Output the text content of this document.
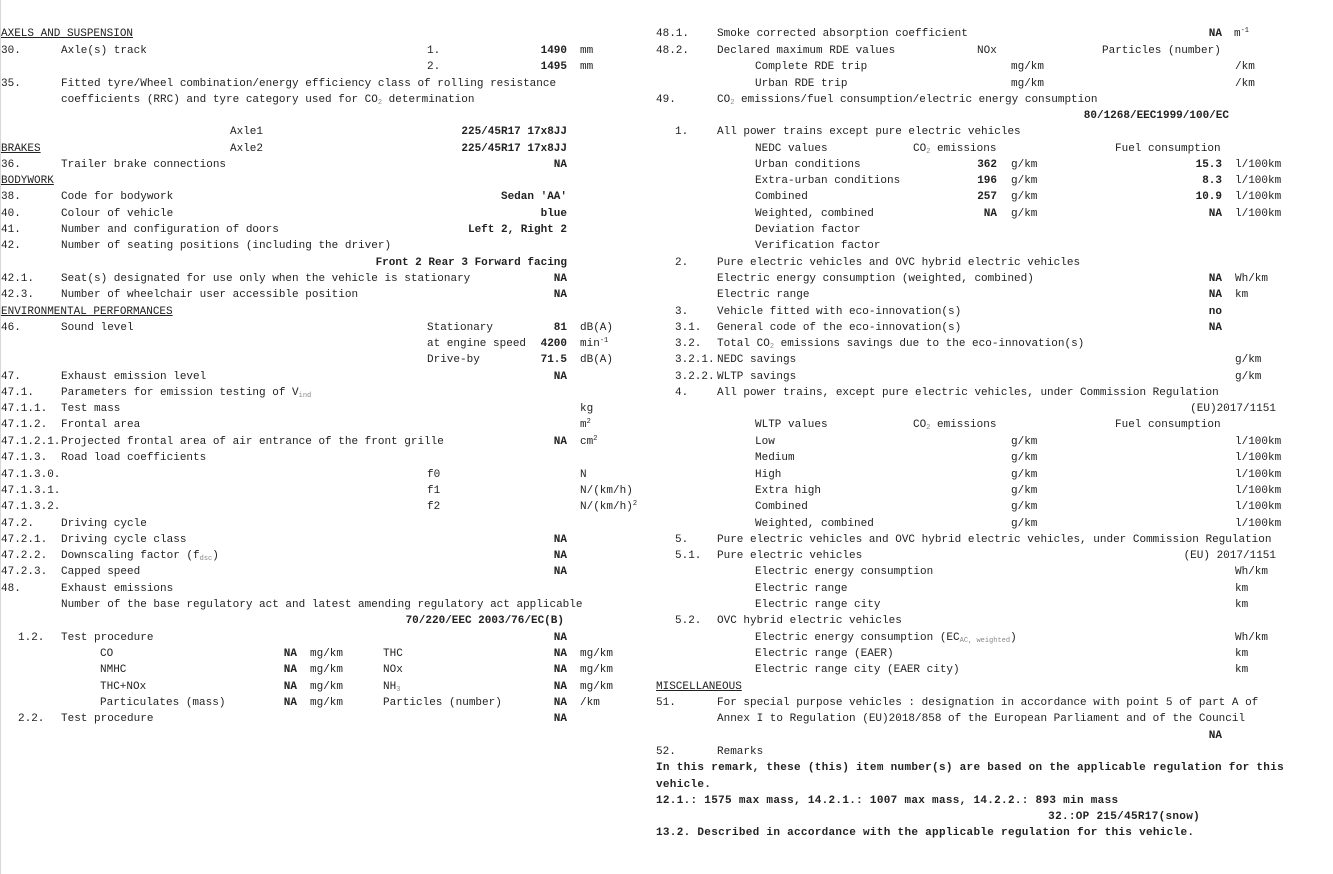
AXELS AND SUSPENSION
30.	Axle(s) track	1.	1490 mm
2.	1495 mm
35.	Fitted tyre/Wheel combination/energy efficiency class of rolling resistance
coefficients (RRC) and tyre category used for $CO_2$ determination
Axle1	225/45R17 17x8JJ
Axle2	225/45R17 17x8JJ
BRAKES
36.	Trailer brake connections	NA
BODYWORK
38.	Code for bodywork	Sedan 'AA'
40.	Colour of vehicle	blue
41.	Number and configuration of doors	Left 2, Right 2
42.	Number of seating positions (including the driver)
Front 2 Rear 3 Forward facing
42.1. Seat(s) designated for use only when the vehicle is stationary	NA
42.3. Number of wheelchair user accessible position	NA
ENVIRONMENTAL PERFORMANCES
46.	Sound level	Stationary	81 dB(A)
at engine speed	4200 $\min^{-1}$
Drive-by	71.5 dB(A)
47.	Exhaust emission level	NA
47.1. Parameters for emission testing of $V_{ind}$
47.1.1. Test mass	kg
47.1.2. Frontal area	$m^2$
47.1.2.1. Projected frontal area of air entrance of the front grille	NA $cm^2$
47.1.3. Road load coefficients
47.1.3.0.	f0	N
47.1.3.1.	f1	N/(km/h)
47.1.3.2.	f2	$N/(km/h)^2$
47.2. Driving cycle
47.2.1. Driving cycle class	NA
47.2.2. Downscaling factor $(f_{dsc})$	NA
47.2.3. Capped speed	NA
48.	Exhaust emissions
Number of the base regulatory act and latest amending regulatory act applicable
70/220/EEC 2003/76/EC(B)
1.2. Test procedure	NA
CO	NA mg/km	THC	NA mg/km
NMHC	NA mg/km	NOx	NA mg/km
THC+NOx	NA mg/km	$NH_3$	NA mg/km
Particulates (mass)	NA mg/km	Particles (number)	NA /km
2.2. Test procedure	NA
48.1.	Smoke corrected absorption coefficient	NA $m^{-1}$
48.2.	Declared maximum RDE values	NOx	Particles (number)
Complete RDE trip	mg/km	/km
Urban RDE trip	mg/km	/km
49.	$CO_2$ emissions/fuel consumption/electric energy consumption
80/1268/EEC1999/100/EC
1.	All power trains except pure electric vehicles
NEDC values	$CO_2$ emissions	Fuel consumption
Urban conditions	362 g/km	15.3 l/100km
Extra-urban conditions	196 g/km	8.3 l/100km
Combined	257 g/km	10.9 l/100km
Weighted, combined	NA g/km	NA l/100km
Deviation factor
Verification factor
2.	Pure electric vehicles and OVC hybrid electric vehicles
Electric energy consumption (weighted, combined)	NA Wh/km
Electric range	NA km
3.	Vehicle fitted with eco-innovation(s)	no
3.1. General code of the eco-innovation(s)	NA
3.2. Total $CO_2$ emissions savings due to the eco-innovation(s)
3.2.1. NEDC savings	g/km
3.2.2. WLTP savings	g/km
4.	All power trains, except pure electric vehicles, under Commission Regulation
(EU)2017/1151
WLTP values	$CO_2$ emissions	Fuel consumption
Low	g/km	l/100km
Medium	g/km	l/100km
High	g/km	l/100km
Extra high	g/km	l/100km
Combined	g/km	l/100km
Weighted, combined	g/km	l/100km
5.	Pure electric vehicles and OVC hybrid electric vehicles, under Commission Regulation
5.1. Pure electric vehicles	(EU) 2017/1151
Electric energy consumption	Wh/km
Electric range	km
Electric range city	km
5.2. OVC hybrid electric vehicles
Electric energy consumption $(EC_{AC, weighted})$	Wh/km
Electric range (EAER)	km
Electric range city (EAER city)	km
MISCELLANEOUS
51.	For special purpose vehicles : designation in accordance with point 5 of part A of
Annex I to Regulation (EU)2018/858 of the European Parliament and of the Council
NA
52.	Remarks
In this remark, these (this) item number(s) are based on the applicable regulation for this
vehicle.
12.1.: 1575 max mass, 14.2.1.: 1007 max mass, 14.2.2.: 893 min mass
32.:OP 215/45R17(snow)
13.2. Described in accordance with the applicable regulation for this vehicle.
